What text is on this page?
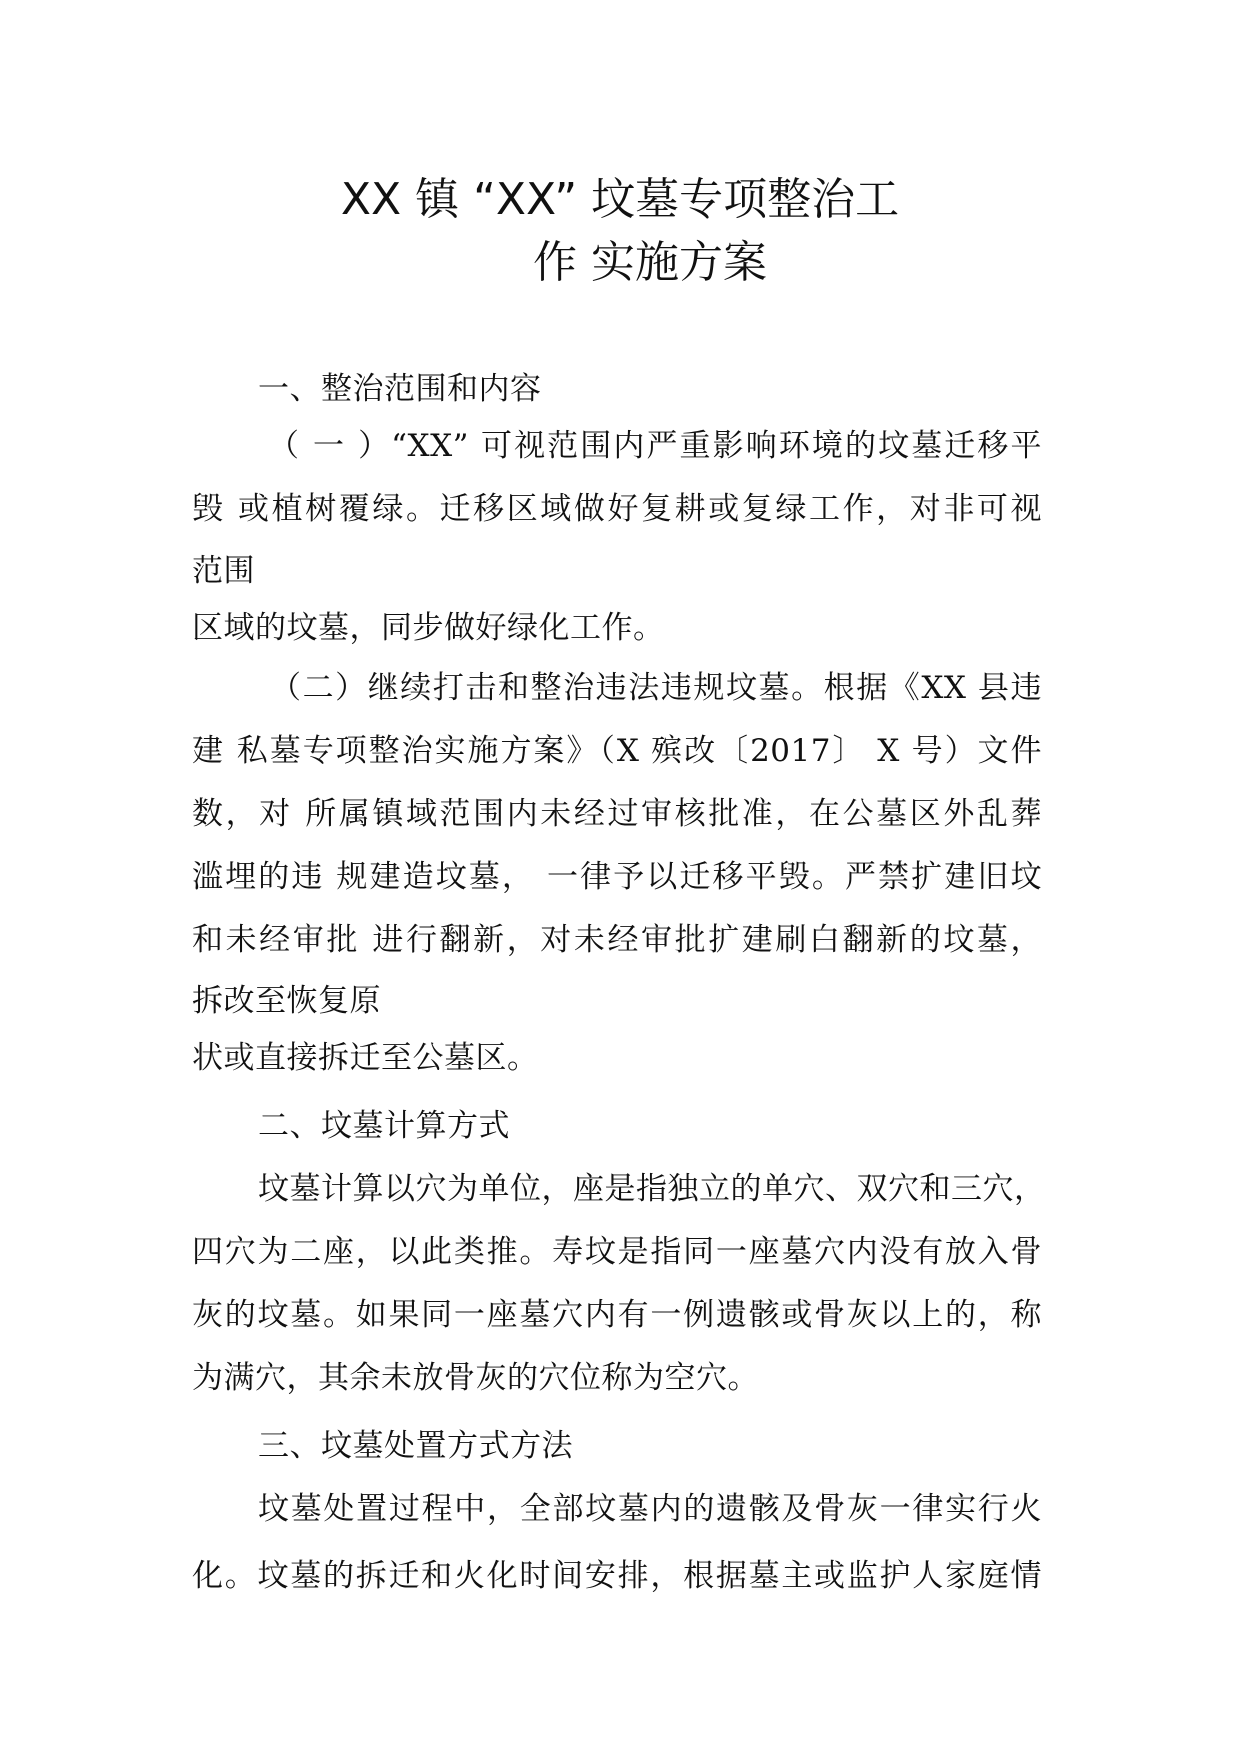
XX 镇 “XX” 坟墓专项整治工
作 实施方案
一、整治范围和内容
（ 一 ）“XX” 可视范围内严重影响环境的坟墓迁移平
毁 或植树覆绿。迁移区域做好复耕或复绿工作，对非可视
范围
区域的坟墓，同步做好绿化工作。
（二）继续打击和整治违法违规坟墓。根据《XX 县违
建 私墓专项整治实施方案》（X 殡改〔2017〕 X 号）文件
数，对 所属镇域范围内未经过审核批准，在公墓区外乱葬
滥埋的违 规建造坟墓， 一律予以迁移平毁。严禁扩建旧坟
和未经审批 进行翻新，对未经审批扩建刷白翻新的坟墓，
拆改至恢复原
状或直接拆迁至公墓区。
二、坟墓计算方式
坟墓计算以穴为单位，座是指独立的单穴、双穴和三穴，
四穴为二座，以此类推。寿坟是指同一座墓穴内没有放入骨
灰的坟墓。如果同一座墓穴内有一例遗骸或骨灰以上的，称
为满穴，其余未放骨灰的穴位称为空穴。
三、坟墓处置方式方法
坟墓处置过程中，全部坟墓内的遗骸及骨灰一律实行火
化。坟墓的拆迁和火化时间安排，根据墓主或监护人家庭情
